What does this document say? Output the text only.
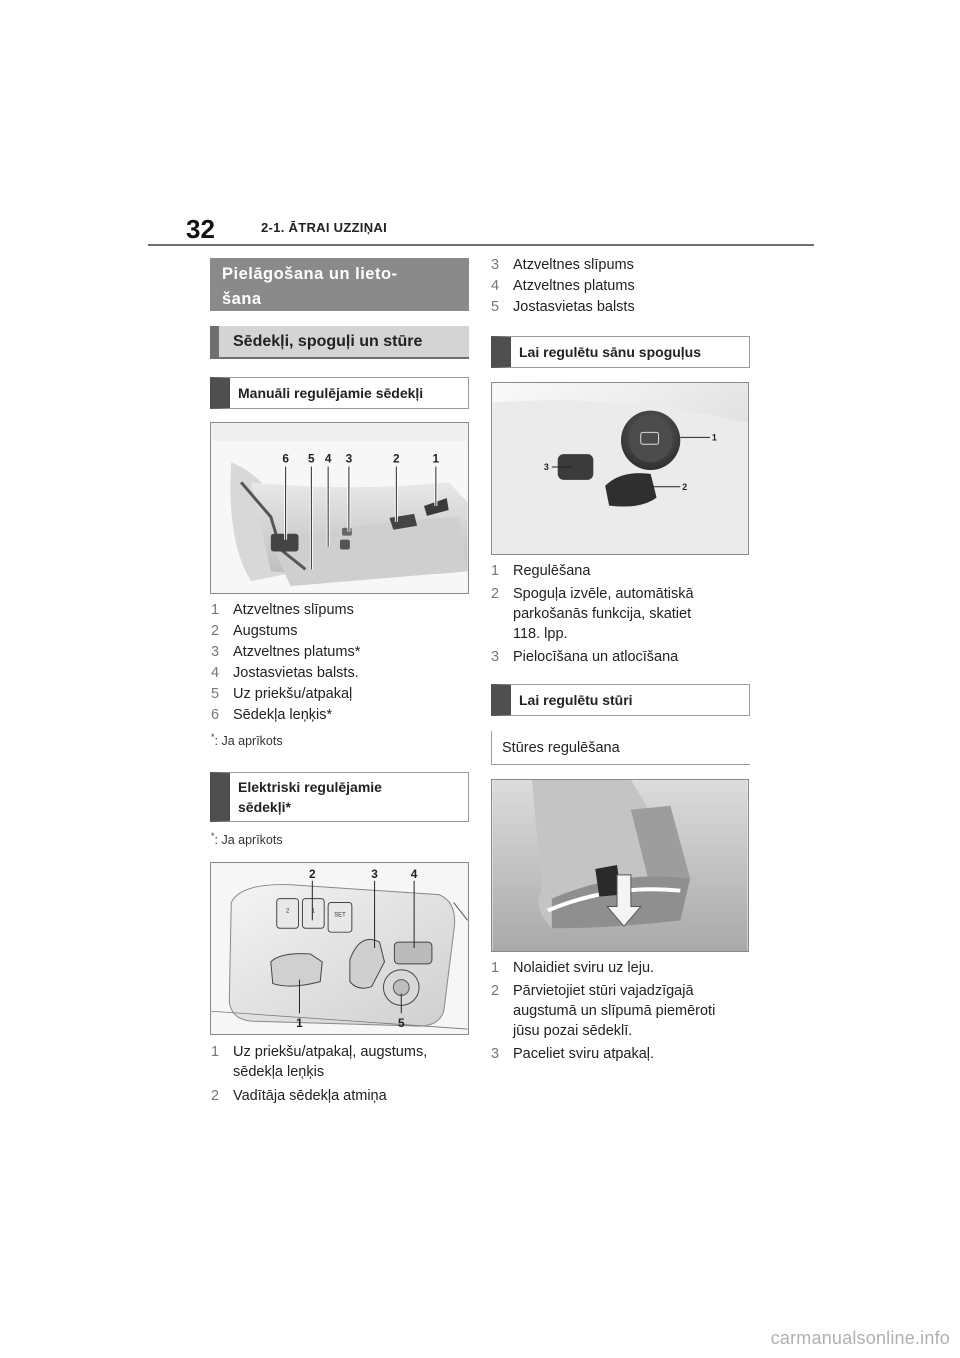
32	2-1. ĀTRAI UZZIŅAI
Pielāgošana un lieto-
šana
Sēdekļi, spoguļi un stūre
Manuāli regulējamie sēdekļi
6 5 4 3	2	1
1 Atzveltnes slīpums
2 Augstums
3 Atzveltnes platums*
4 Jostasvietas balsts.
5 Uz priekšu/atpakaļ
6 Sēdekļa leņķis*
*: Ja aprīkots
Elektriski regulējamie
sēdekļi*
*: Ja aprīkots
2	1
SET
2	3	4
1	5
1 Uz priekšu/atpakaļ, augstums,
sēdekļa leņķis
2 Vadītāja sēdekļa atmiņa
3 Atzveltnes slīpums
4 Atzveltnes platums
5 Jostasvietas balsts
Lai regulētu sānu spoguļus
1
2
3
1 Regulēšana
2 Spoguļa izvēle, automātiskā
parkošanās funkcija, skatiet
118. lpp.
3 Pielocīšana un atlocīšana
Lai regulētu stūri
Stūres regulēšana
1 Nolaidiet sviru uz leju.
2 Pārvietojiet stūri vajadzīgajā
augstumā un slīpumā piemēroti
jūsu pozai sēdeklī.
3 Paceliet sviru atpakaļ.
carmanualsonline.info
